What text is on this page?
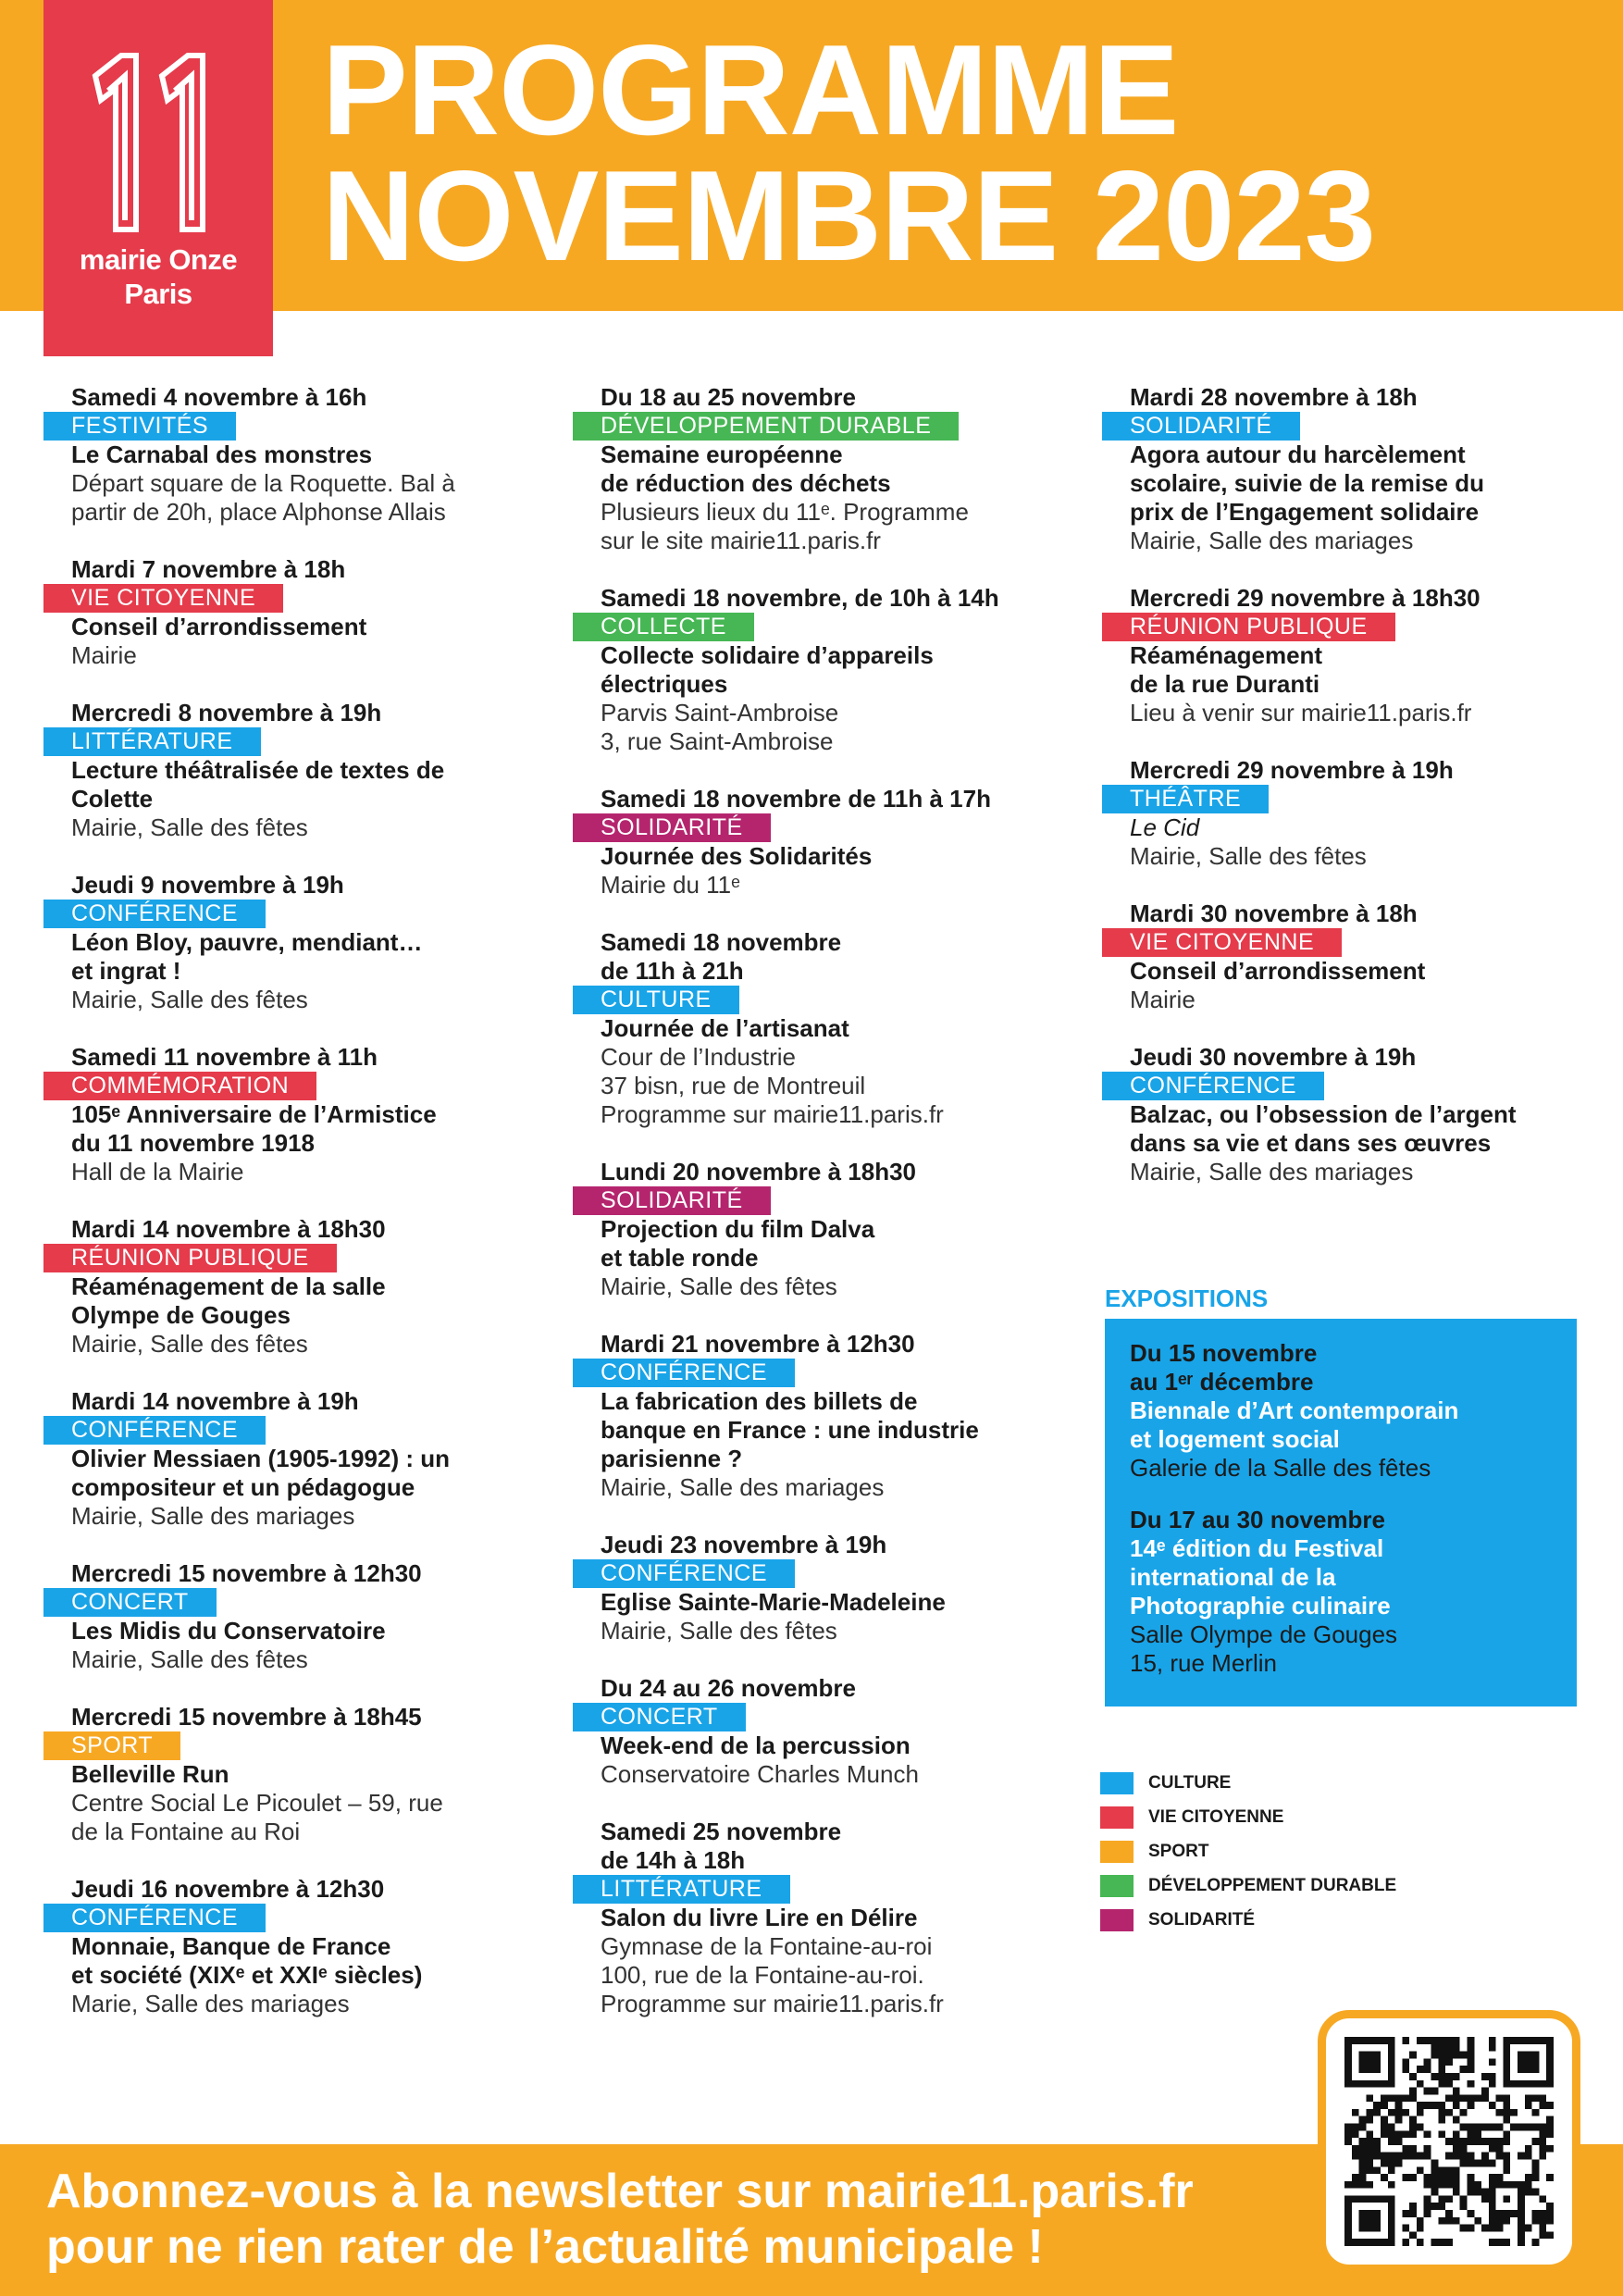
mairie Onze
Paris
PROGRAMME
NOVEMBRE 2023
Samedi 4 novembre à 16h
FESTIVITÉS
Le Carnabal des monstres
Départ square de la Roquette. Bal à
partir de 20h, place Alphonse Allais
Mardi 7 novembre à 18h
VIE CITOYENNE
Conseil d’arrondissement
Mairie
Mercredi 8 novembre à 19h
LITTÉRATURE
Lecture théâtralisée de textes de
Colette
Mairie, Salle des fêtes
Jeudi 9 novembre à 19h
CONFÉRENCE
Léon Bloy, pauvre, mendiant…
et ingrat !
Mairie, Salle des fêtes
Samedi 11 novembre à 11h
COMMÉMORATION
105ᵉ Anniversaire de l’Armistice
du 11 novembre 1918
Hall de la Mairie
Mardi 14 novembre à 18h30
RÉUNION PUBLIQUE
Réaménagement de la salle
Olympe de Gouges
Mairie, Salle des fêtes
Mardi 14 novembre à 19h
CONFÉRENCE
Olivier Messiaen (1905-1992) : un
compositeur et un pédagogue
Mairie, Salle des mariages
Mercredi 15 novembre à 12h30
CONCERT
Les Midis du Conservatoire
Mairie, Salle des fêtes
Mercredi 15 novembre à 18h45
SPORT
Belleville Run
Centre Social Le Picoulet – 59, rue
de la Fontaine au Roi
Jeudi 16 novembre à 12h30
CONFÉRENCE
Monnaie, Banque de France
et société (XIXᵉ et XXIᵉ siècles)
Marie, Salle des mariages
Du 18 au 25 novembre
DÉVELOPPEMENT DURABLE
Semaine européenne
de réduction des déchets
Plusieurs lieux du 11ᵉ. Programme
sur le site mairie11.paris.fr
Samedi 18 novembre, de 10h à 14h
COLLECTE
Collecte solidaire d’appareils
électriques
Parvis Saint-Ambroise
3, rue Saint-Ambroise
Samedi 18 novembre de 11h à 17h
SOLIDARITÉ
Journée des Solidarités
Mairie du 11ᵉ
Samedi 18 novembre
de 11h à 21h
CULTURE
Journée de l’artisanat
Cour de l’Industrie
37 bisn, rue de Montreuil
Programme sur mairie11.paris.fr
Lundi 20 novembre à 18h30
SOLIDARITÉ
Projection du film Dalva
et table ronde
Mairie, Salle des fêtes
Mardi 21 novembre à 12h30
CONFÉRENCE
La fabrication des billets de
banque en France : une industrie
parisienne ?
Mairie, Salle des mariages
Jeudi 23 novembre à 19h
CONFÉRENCE
Eglise Sainte-Marie-Madeleine
Mairie, Salle des fêtes
Du 24 au 26 novembre
CONCERT
Week-end de la percussion
Conservatoire Charles Munch
Samedi 25 novembre
de 14h à 18h
LITTÉRATURE
Salon du livre Lire en Délire
Gymnase de la Fontaine-au-roi
100, rue de la Fontaine-au-roi.
Programme sur mairie11.paris.fr
Mardi 28 novembre à 18h
SOLIDARITÉ
Agora autour du harcèlement
scolaire, suivie de la remise du
prix de l’Engagement solidaire
Mairie, Salle des mariages
Mercredi 29 novembre à 18h30
RÉUNION PUBLIQUE
Réaménagement
de la rue Duranti
Lieu à venir sur mairie11.paris.fr
Mercredi 29 novembre à 19h
THÉÂTRE
Le Cid
Mairie, Salle des fêtes
Mardi 30 novembre à 18h
VIE CITOYENNE
Conseil d’arrondissement
Mairie
Jeudi 30 novembre à 19h
CONFÉRENCE
Balzac, ou l’obsession de l’argent
dans sa vie et dans ses œuvres
Mairie, Salle des mariages
EXPOSITIONS
Du 15 novembre
au 1ᵉʳ décembre
Biennale d’Art contemporain
et logement social
Galerie de la Salle des fêtes
Du 17 au 30 novembre
14ᵉ édition du Festival
international de la
Photographie culinaire
Salle Olympe de Gouges
15, rue Merlin
CULTURE
VIE CITOYENNE
SPORT
DÉVELOPPEMENT DURABLE
SOLIDARITÉ
Abonnez-vous à la newsletter sur mairie11.paris.fr
pour ne rien rater de l’actualité municipale !
